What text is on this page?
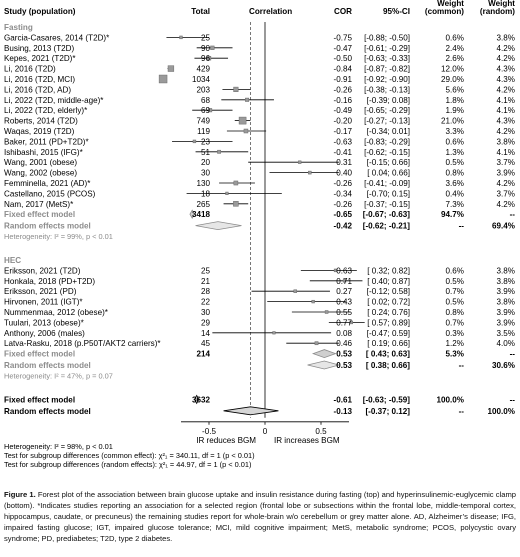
Study (population)	Total	Correlation	COR	95%-CI
Weight
(common)
Weight
(random)
Fasting
Garcia-Casares, 2014 (T2D)*	25	-0.75 [-0.88; -0.50]	0.6%	3.8%
Busing, 2013 (T2D)	90	-0.47 [-0.61; -0.29]	2.4%	4.2%
Kepes, 2021 (T2D)*	96	-0.50 [-0.63; -0.33]	2.6%	4.2%
Li, 2016 (T2D)	429	-0.84 [-0.87; -0.82]	12.0%	4.3%
Li, 2016 (T2D, MCI)	1034	-0.91 [-0.92; -0.90]	29.0%	4.3%
Li, 2016 (T2D, AD)	203	-0.26 [-0.38; -0.13]	5.6%	4.2%
Li, 2022 (T2D, middle-age)*	68	-0.16 [-0.39; 0.08]	1.8%	4.1%
Li, 2022 (T2D, elderly)*	69	-0.49 [-0.65; -0.29]	1.9%	4.1%
Roberts, 2014 (T2D)	749	-0.20 [-0.27; -0.13]	21.0%	4.3%
Waqas, 2019 (T2D)	119	-0.17 [-0.34; 0.01]	3.3%	4.2%
Baker, 2011 (PD+T2D)*	23	-0.63 [-0.83; -0.29]	0.6%	3.8%
Ishibashi, 2015 (IFG)*	51	-0.41 [-0.62; -0.15]	1.3%	4.1%
Wang, 2001 (obese)	20	0.31 [-0.15; 0.66]	0.5%	3.7%
Wang, 2002 (obese)	30	0.40 [ 0.04; 0.66]	0.8%	3.9%
Femminella, 2021 (AD)*	130	-0.26 [-0.41; -0.09]	3.6%	4.2%
Castellano, 2015 (PCOS)	18	-0.34 [-0.70; 0.15]	0.4%	3.7%
Nam, 2017 (MetS)*	265	-0.26 [-0.37; -0.15]	7.3%	4.2%
Fixed effect model	3418	-0.65 [-0.67; -0.63]	94.7%	--
Random effects model	-0.42 [-0.62; -0.21]	--	69.4%
Heterogeneity: I² = 99%, p < 0.01
HEC
Eriksson, 2021 (T2D)	25	0.63 [ 0.32; 0.82]	0.6%	3.8%
Honkala, 2018 (PD+T2D)	21	0.71 [ 0.40; 0.87]	0.5%	3.8%
Eriksson, 2021 (PD)	28	0.27 [-0.12; 0.58]	0.7%	3.9%
Hirvonen, 2011 (IGT)*	22	0.43 [ 0.02; 0.72]	0.5%	3.8%
Nummenmaa, 2012 (obese)*	30	0.55 [ 0.24; 0.76]	0.8%	3.9%
Tuulari, 2013 (obese)*	29	0.77 [ 0.57; 0.89]	0.7%	3.9%
Anthony, 2006 (males)	14	0.08 [-0.47; 0.59]	0.3%	3.5%
Latva-Rasku, 2018 (p.P50T/AKT2 carriers)*	45	0.46 [ 0.19; 0.66]	1.2%	4.0%
Fixed effect model	214	0.53 [ 0.43; 0.63]	5.3%	--
Random effects model	0.53 [ 0.38; 0.66]	--	30.6%
Heterogeneity: I² = 47%, p = 0.07
Fixed effect model	3632	-0.61 [-0.63; -0.59]	100.0%	--
Random effects model	-0.13 [-0.37; 0.12]	--	100.0%
-0.5	0	0.5
IR reduces BGM IR increases BGM
Heterogeneity: I² = 98%, p < 0.01
Test for subgroup differences (common effect): χ²₁ = 340.11, df = 1 (p < 0.01)
Test for subgroup differences (random effects): χ²₁ = 44.97, df = 1 (p < 0.01)
Figure 1. Forest plot of the association between brain glucose uptake and insulin resistance during fasting (top) and hyperinsulinemic-euglycemic clamp (bottom). *Indicates studies reporting an association for a selected region (frontal lobe or subsections within the frontal lobe, middle-temporal cortex, hippocampus, caudate, or precuneus) the remaining studies report for whole-brain w/o cerebellum or grey matter alone. AD, Alzheimer’s disease; IFG, impaired fasting glucose; IGT, impaired glucose tolerance; MCI, mild cognitive impairment; MetS, metabolic syndrome; PCOS, polycystic ovary syndrome; PD, prediabetes; T2D, type 2 diabetes.
